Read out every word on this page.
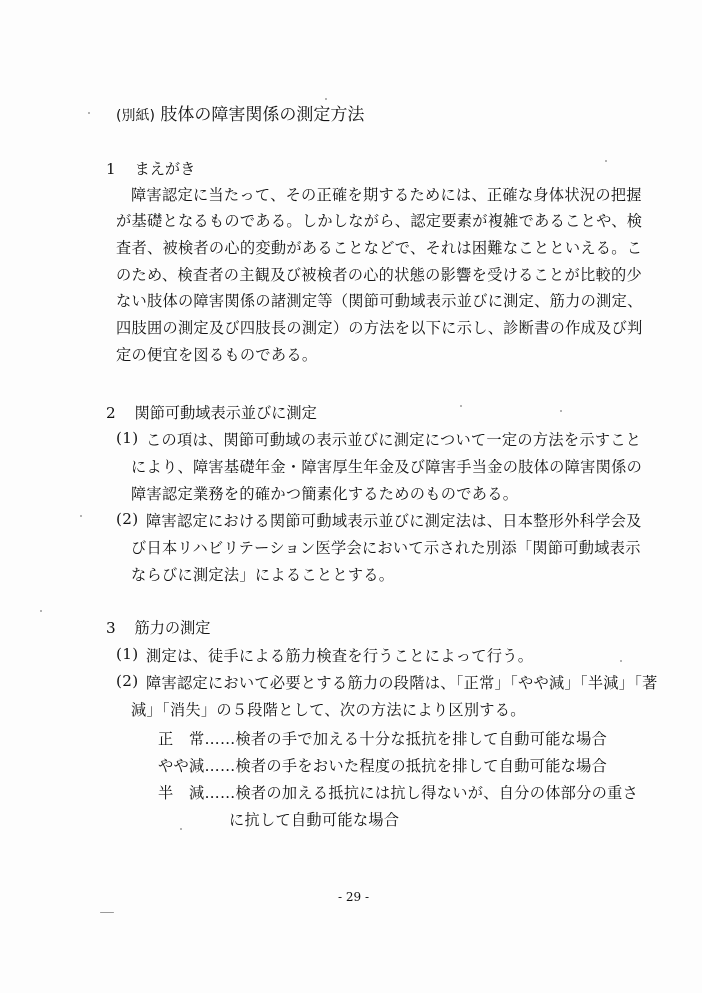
(別紙) 肢体の障害関係の測定方法
1 まえがき
障害認定に当たって、その正確を期するためには、正確な身体状況の把握
が基礎となるものである。しかしながら、認定要素が複雑であることや、検
査者、被検者の心的変動があることなどで、それは困難なことといえる。こ
のため、検査者の主観及び被検者の心的状態の影響を受けることが比較的少
ない肢体の障害関係の諸測定等（関節可動域表示並びに測定、筋力の測定、
四肢囲の測定及び四肢長の測定）の方法を以下に示し、診断書の作成及び判
定の便宜を図るものである。
2 関節可動域表示並びに測定
(1) この項は、関節可動域の表示並びに測定について一定の方法を示すこと
により、障害基礎年金・障害厚生年金及び障害手当金の肢体の障害関係の
障害認定業務を的確かつ簡素化するためのものである。
(2) 障害認定における関節可動域表示並びに測定法は、日本整形外科学会及
び日本リハビリテーション医学会において示された別添「関節可動域表示
ならびに測定法」によることとする。
3 筋力の測定
(1) 測定は、徒手による筋力検査を行うことによって行う。
(2) 障害認定において必要とする筋力の段階は、「正常」「やや減」「半減」「著
減」「消失」の５段階として、次の方法により区別する。
正　常……検者の手で加える十分な抵抗を排して自動可能な場合
やや減……検者の手をおいた程度の抵抗を排して自動可能な場合
半　減……検者の加える抵抗には抗し得ないが、自分の体部分の重さ
に抗して自動可能な場合
- 29 -
